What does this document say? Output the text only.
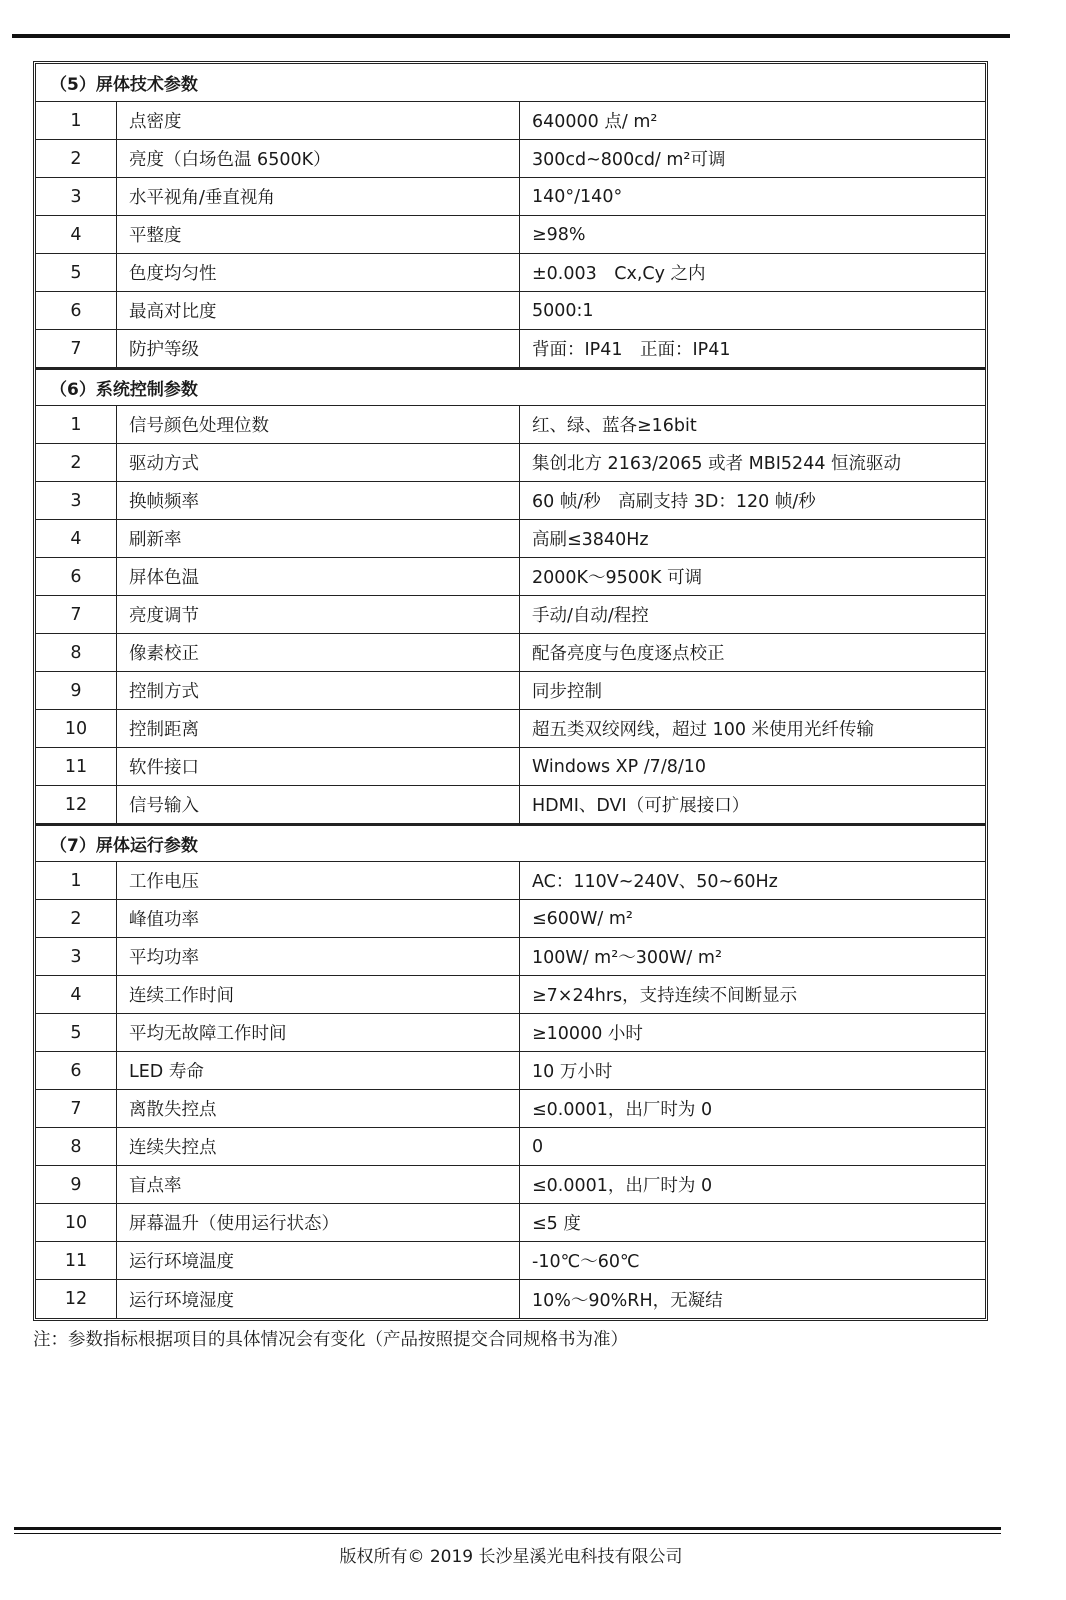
（5）屏体技术参数
1	点密度	640000 点/ m²
2	亮度（白场色温 6500K）	300cd~800cd/ m²可调
3	水平视角/垂直视角	140°/140°
4	平整度	≥98%
5	色度均匀性	±0.003　Cx,Cy 之内
6	最高对比度	5000:1
7	防护等级	背面：IP41　正面：IP41
（6）系统控制参数
1	信号颜色处理位数	红、绿、蓝各≥16bit
2	驱动方式	集创北方 2163/2065 或者 MBI5244 恒流驱动
3	换帧频率	60 帧/秒　高刷支持 3D：120 帧/秒
4	刷新率	高刷≤3840Hz
6	屏体色温	2000K～9500K 可调
7	亮度调节	手动/自动/程控
8	像素校正	配备亮度与色度逐点校正
9	控制方式	同步控制
10	控制距离	超五类双绞网线，超过 100 米使用光纤传输
11	软件接口	Windows XP /7/8/10
12	信号输入	HDMI、DVI（可扩展接口）
（7）屏体运行参数
1	工作电压	AC：110V~240V、50~60Hz
2	峰值功率	≤600W/ m²
3	平均功率	100W/ m²～300W/ m²
4	连续工作时间	≥7×24hrs，支持连续不间断显示
5	平均无故障工作时间	≥10000 小时
6	LED 寿命	10 万小时
7	离散失控点	≤0.0001，出厂时为 0
8	连续失控点	0
9	盲点率	≤0.0001，出厂时为 0
10	屏幕温升（使用运行状态）	≤5 度
11	运行环境温度	-10℃～60℃
12	运行环境湿度	10%～90%RH，无凝结
注：参数指标根据项目的具体情况会有变化（产品按照提交合同规格书为准）
版权所有© 2019 长沙星溪光电科技有限公司
